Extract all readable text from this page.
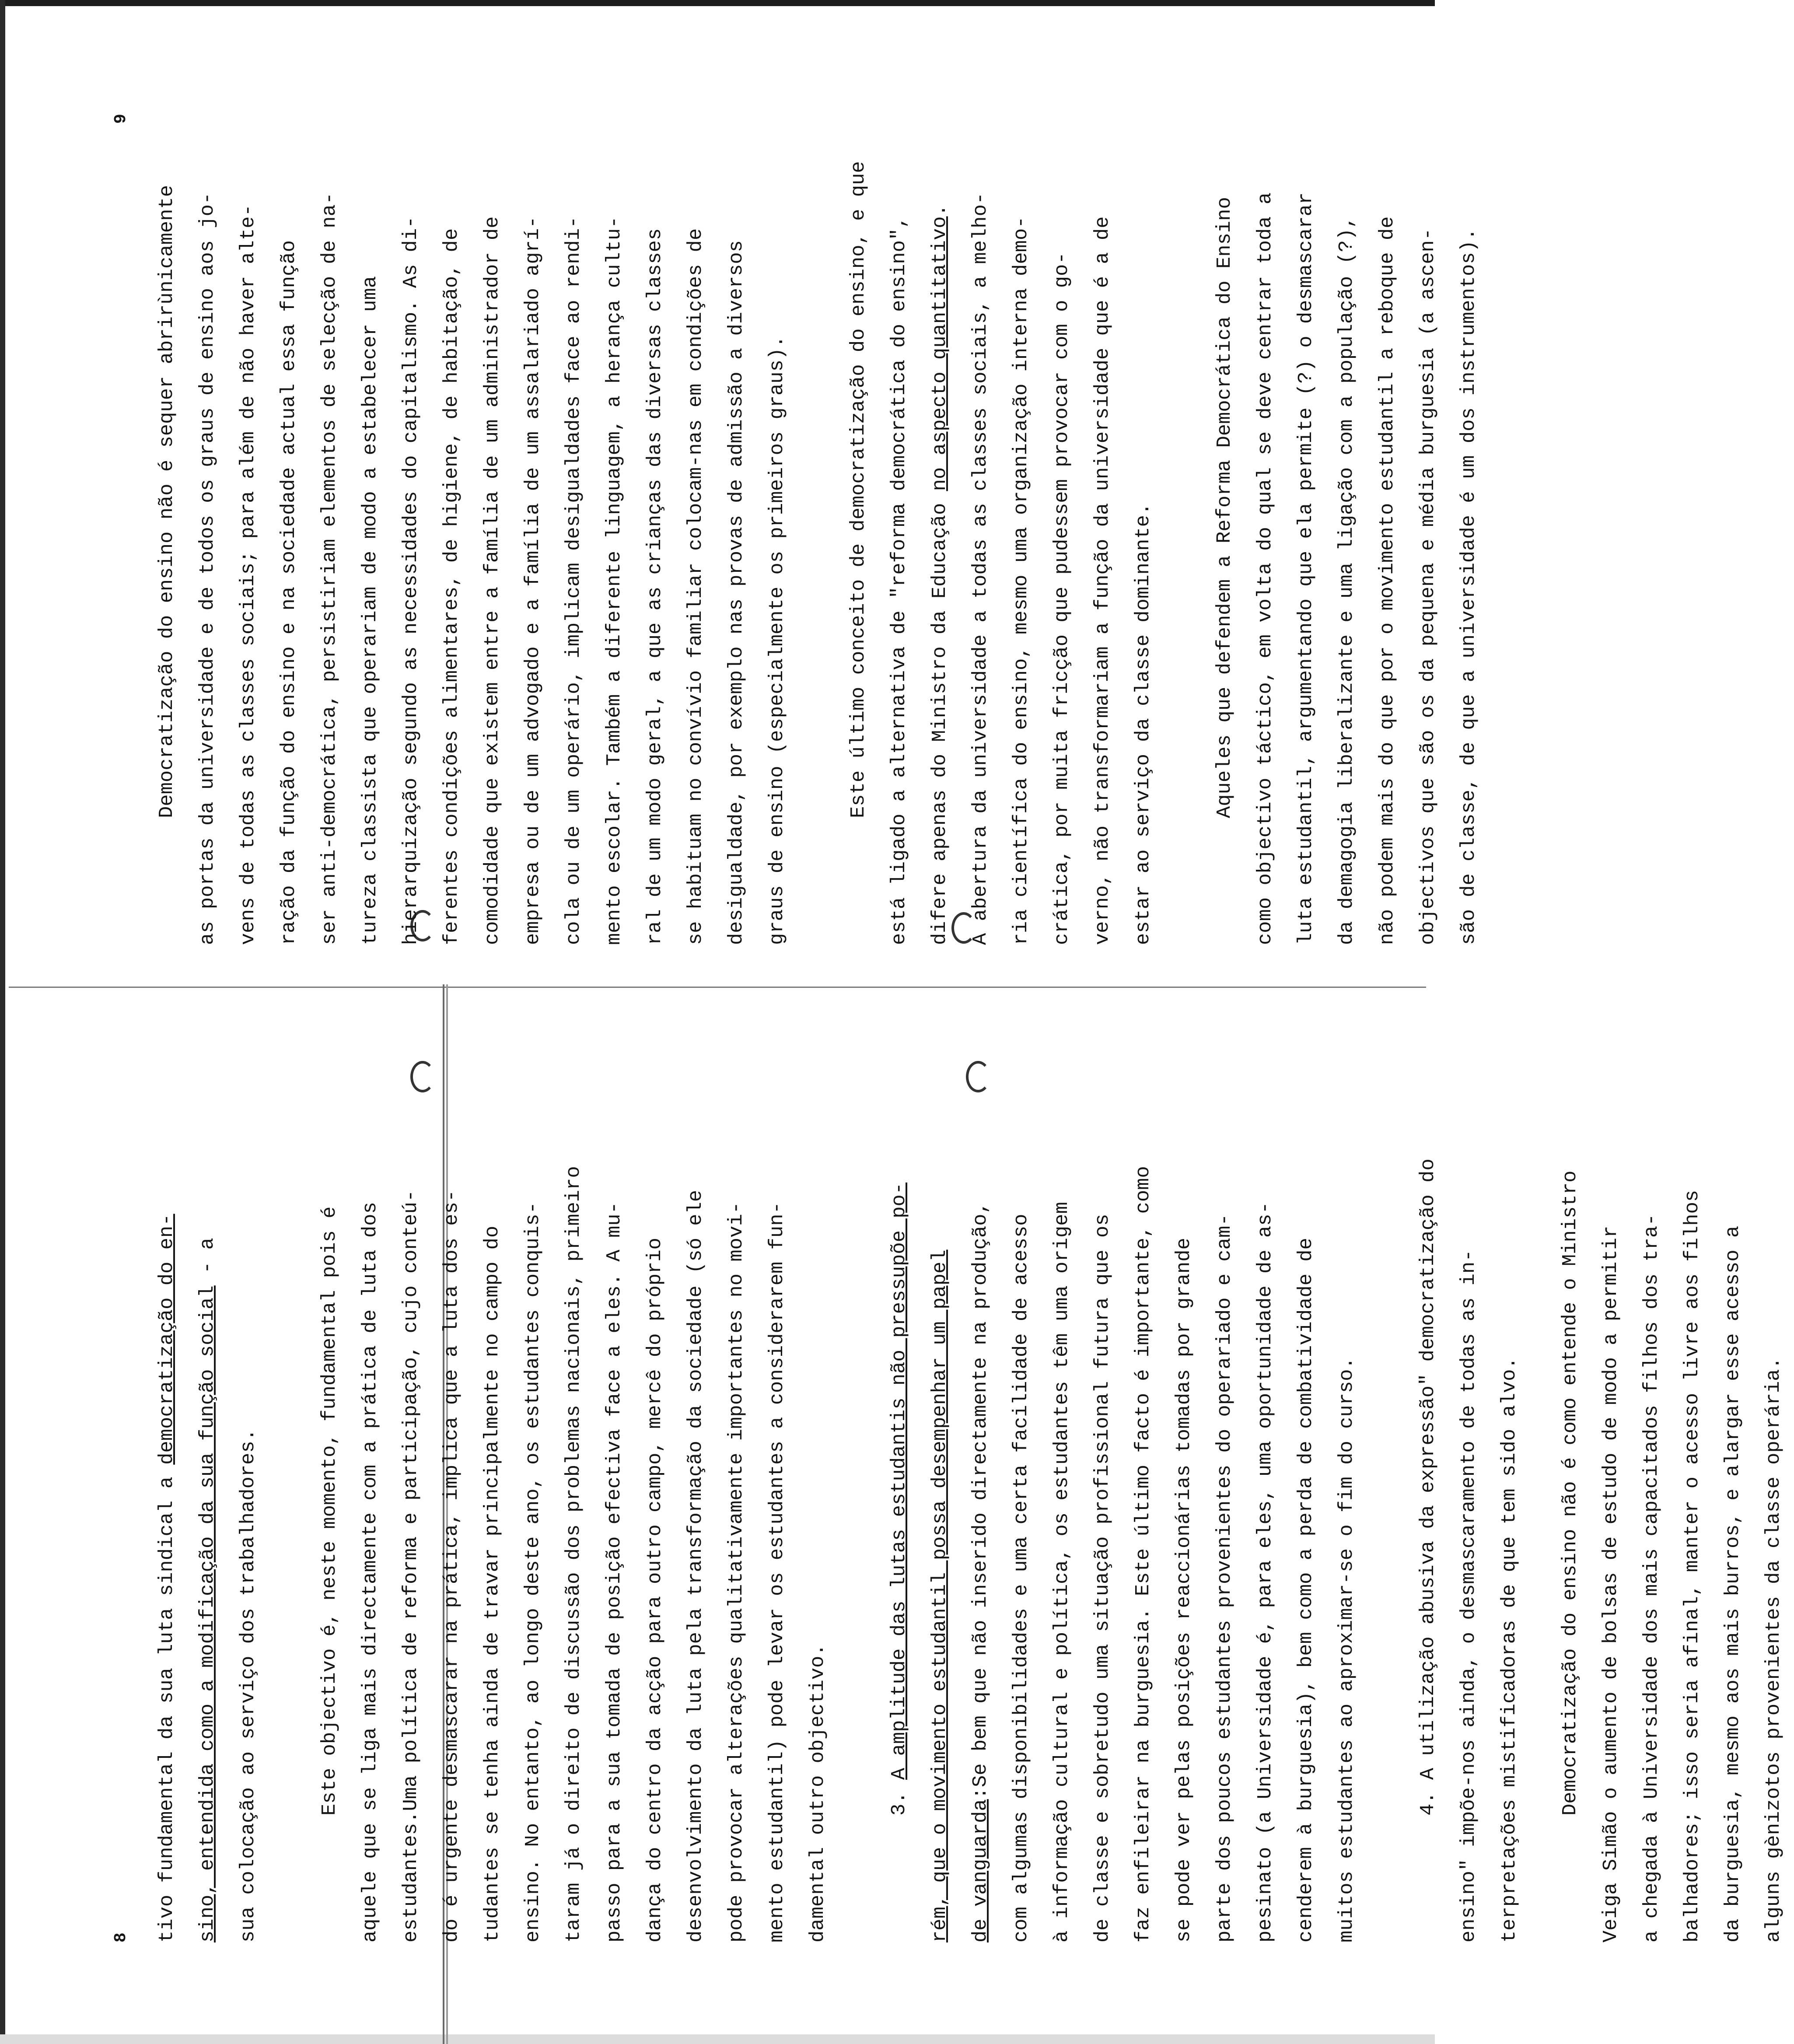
9

Democratização do ensino não é sequer abrirùnicamente as portas da universidade e de todos os graus de ensino aos jo- vens de todas as classes sociais; para além de não haver alte- ração da função do ensino e na sociedade actual essa função ser anti-democrática, persistiriam elementos de selecção de na- tureza classista que operariam de modo a estabelecer uma hierarquização segundo as necessidades do capitalismo. As di- ferentes condições alimentares, de higiene, de habitação, de comodidade que existem entre a família de um administrador de empresa ou de um advogado e a família de um assalariado agrí- cola ou de um operário, implicam desigualdades face ao rendi- mento escolar. Também a diferente linguagem, a herança cultu- ral de um modo geral, a que as crianças das diversas classes se habituam no convívio familiar colocam-nas em condições de desigualdade, por exemplo nas provas de admissão a diversos graus de ensino (especialmente os primeiros graus).	Este último conceito de democratização do ensino, e que está ligado a alternativa de "reforma democrática do ensino", difere apenas do Ministro da Educação no aspecto quantitativo. A abertura da universidade a todas as classes sociais, a melho- ria científica do ensino, mesmo uma organização interna demo- crática, por muita fricção que pudessem provocar com o go- verno, não transformariam a função da universidade que é a de estar ao serviço da classe dominante.	Aqueles que defendem a Reforma Democrática do Ensino como objectivo táctico, em volta do qual se deve centrar toda a luta estudantil, argumentando que ela permite (?) o desmascarar da demagogia liberalizante e uma ligação com a população (?), não podem mais do que por o movimento estudantil a reboque de objectivos que são os da pequena e média burguesia (a ascen- são de classe, de que a universidade é um dos instrumentos).

8	tivo fundamental da sua luta sindical a democratização do en- sino, entendida como a modificação da sua função social - a
sua colocação ao serviço dos trabalhadores.	Este objectivo é, neste momento, fundamental pois é aquele que se liga mais directamente com a prática de luta dos estudantes.Uma política de reforma e participação, cujo conteú- do é urgente desmascarar na prática, implica que a luta dos es- tudantes se tenha ainda de travar principalmente no campo do ensino. No entanto, ao longo deste ano, os estudantes conquis- taram já o direito de discussão dos problemas nacionais, primeiro passo para a sua tomada de posição efectiva face a eles. A mu- dança do centro da acção para outro campo, mercê do próprio desenvolvimento da luta pela transformação da sociedade (só ele pode provocar alterações qualitativamente importantes no movi- mento estudantil) pode levar os estudantes a considerarem fun- damental outro objectivo.	3. A amplitude das lutas estudantis não pressupõe po- rém, que o movimento estudantil possa desempenhar um papel de vanguarda:Se bem que não inserido directamente na produção, com algumas disponibilidades e uma certa facilidade de acesso à informação cultural e política, os estudantes têm uma origem de classe e sobretudo uma situação profissional futura que os faz enfileirar na burguesia. Este último facto é importante, como se pode ver pelas posições reaccionárias tomadas por grande parte dos poucos estudantes provenientes do operariado e cam- pesinato (a Universidade é, para eles, uma oportunidade de as- cenderem à burguesia), bem como a perda de combatividade de muitos estudantes ao aproximar-se o fim do curso.	4. A utilização abusiva da expressão" democratização do ensino" impõe-nos ainda, o desmascaramento de todas as in- terpretações mistificadoras de que tem sido alvo.	Democratização do ensino não é como entende o Ministro Veiga Simão o aumento de bolsas de estudo de modo a permitir a chegada à Universidade dos mais capacitados filhos dos tra- balhadores; isso seria afinal, manter o acesso livre aos filhos da burguesia, mesmo aos mais burros, e alargar esse acesso a alguns gènizotos provenientes da classe operária.
